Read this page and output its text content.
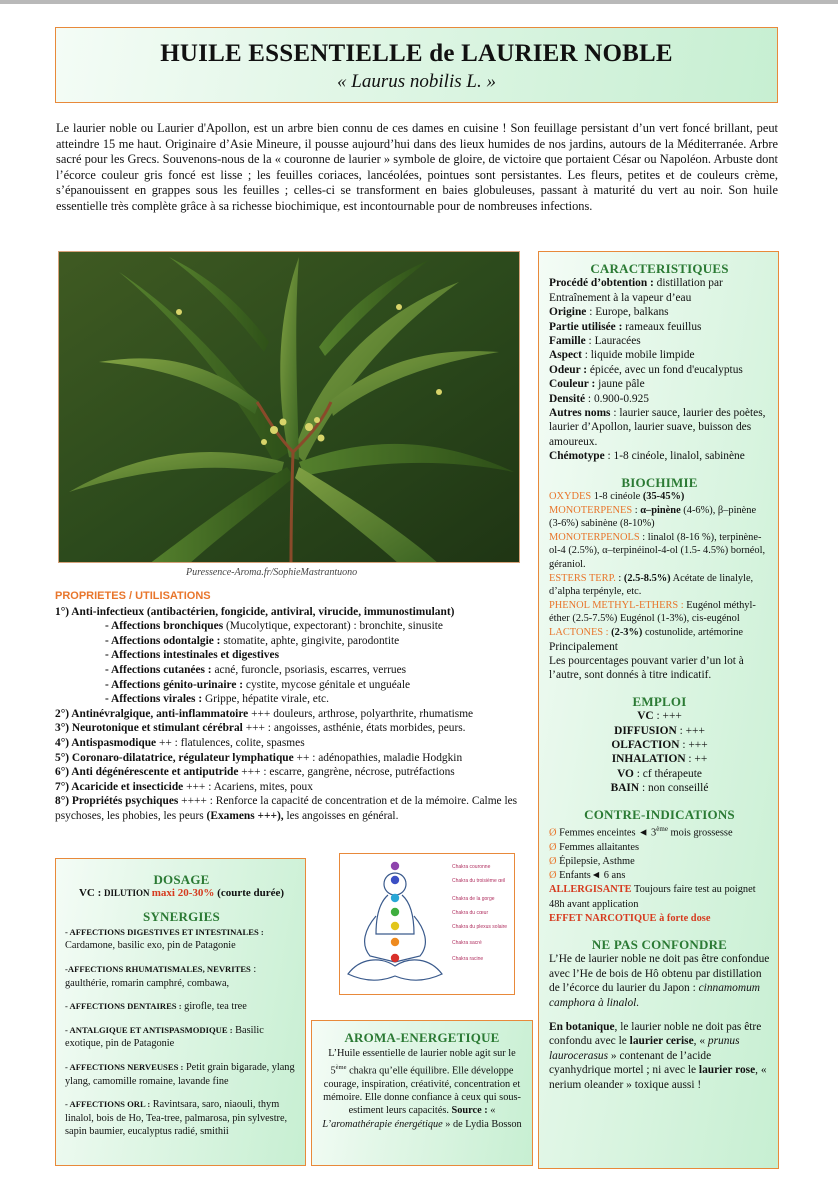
HUILE ESSENTIELLE de LAURIER NOBLE
« Laurus nobilis L. »
Le laurier noble ou Laurier d'Apollon, est un arbre bien connu de ces dames en cuisine ! Son feuillage persistant d’un vert foncé brillant, peut atteindre 15 me haut. Originaire d’Asie Mineure, il pousse aujourd’hui dans des lieux humides de nos jardins, autours de la Méditerranée. Arbre sacré pour les Grecs. Souvenons-nous de la « couronne de laurier » symbole de gloire, de victoire que portaient César ou Napoléon. Arbuste dont l’écorce couleur gris foncé est lisse ; les feuilles coriaces, lancéolées, pointues sont persistantes. Les fleurs, petites et de couleurs crème, s’épanouissent en grappes sous les feuilles ; celles-ci se transforment en baies globuleuses, passant à maturité du vert au noir. Son huile essentielle très complète grâce à sa richesse biochimique, est incontournable pour de nombreuses infections.
Puressence-Aroma.fr/SophieMastrantuono
PROPRIETES / UTILISATIONS
1°) Anti-infectieux (antibactérien, fongicide, antiviral, virucide, immunostimulant)
- Affections bronchiques (Mucolytique, expectorant) : bronchite, sinusite
- Affections odontalgie : stomatite, aphte, gingivite, parodontite
- Affections intestinales et digestives
- Affections cutanées : acné, furoncle, psoriasis, escarres, verrues
- Affections génito-urinaire : cystite, mycose génitale et unguéale
- Affections virales : Grippe, hépatite virale, etc.
2°) Antinévralgique, anti-inflammatoire +++ douleurs, arthrose, polyarthrite, rhumatisme
3°) Neurotonique et stimulant cérébral +++ : angoisses, asthénie, états morbides, peurs.
4°) Antispasmodique ++ : flatulences, colite, spasmes
5°) Coronaro-dilatatrice, régulateur lymphatique ++ : adénopathies, maladie Hodgkin
6°) Anti dégénérescente et antiputride +++ : escarre, gangrène, nécrose, putréfactions
7°) Acaricide et insecticide +++ : Acariens, mites, poux
8°) Propriétés psychiques ++++ : Renforce la capacité de concentration et de la mémoire. Calme les psychoses, les phobies, les peurs (Examens +++), les angoisses en général.
CARACTERISTIQUES
Procédé d’obtention : distillation par Entraînement à la vapeur d’eau
Origine : Europe, balkans
Partie utilisée : rameaux feuillus
Famille : Lauracées
Aspect : liquide mobile limpide
Odeur : épicée, avec un fond d'eucalyptus
Couleur : jaune pâle
Densité : 0.900-0.925
Autres noms : laurier sauce, laurier des poètes, laurier d’Apollon, laurier suave, buisson des amoureux.
Chémotype : 1-8 cinéole, linalol, sabinène
BIOCHIMIE
OXYDES 1-8 cinéole (35-45%)
MONOTERPENES : α–pinène (4-6%), β–pinène (3-6%) sabinène (8-10%)
MONOTERPENOLS : linalol (8-16 %), terpinène-ol-4 (2.5%), α–terpinéinol-4-ol (1.5- 4.5%) bornéol, géraniol.
ESTERS TERP. : (2.5-8.5%) Acétate de linalyle, d’alpha terpényle, etc.
PHENOL METHYL-ETHERS : Eugénol méthyl-éther (2.5-7.5%) Eugénol (1-3%), cis-eugénol
LACTONES : (2-3%) costunolide, artémorine
Principalement
Les pourcentages pouvant varier d’un lot à l’autre, sont donnés à titre indicatif.
EMPLOI
VC : +++
DIFFUSION : +++
OLFACTION : +++
INHALATION : ++
VO : cf thérapeute
BAIN : non conseillé
CONTRE-INDICATIONS
Ø Femmes enceintes ◄ 3ème mois grossesse
Ø Femmes allaitantes
Ø Épilepsie, Asthme
Ø Enfants◄ 6 ans
ALLERGISANTE Toujours faire test au poignet 48h avant application
EFFET NARCOTIQUE à forte dose
NE PAS CONFONDRE
L’He de laurier noble ne doit pas être confondue avec l’He de bois de Hô obtenu par distillation de l’écorce du laurier du Japon : cinnamomum camphora à linalol.
En botanique, le laurier noble ne doit pas être confondu avec le laurier cerise, « prunus laurocerasus » contenant de l’acide cyanhydrique mortel ; ni avec le laurier rose, « nerium oleander » toxique aussi !
DOSAGE
VC : DILUTION maxi 20-30% (courte durée)
SYNERGIES
- AFFECTIONS DIGESTIVES ET INTESTINALES : Cardamone, basilic exo, pin de Patagonie
-AFFECTIONS RHUMATISMALES, NEVRITES : gaulthérie, romarin camphré, combawa,
- AFFECTIONS DENTAIRES : girofle, tea tree
- ANTALGIQUE ET ANTISPASMODIQUE : Basilic exotique, pin de Patagonie
- AFFECTIONS NERVEUSES : Petit grain bigarade, ylang ylang, camomille romaine, lavande fine
- AFFECTIONS ORL : Ravintsara, saro, niaouli, thym linalol, bois de Ho, Tea-tree, palmarosa, pin sylvestre, sapin baumier, eucalyptus radié, smithii
Chakra couronne
Chakra du troisième œil
Chakra de la gorge
Chakra du cœur
Chakra du plexus solaire
Chakra sacré
Chakra racine
AROMA-ENERGETIQUE
L’Huile essentielle de laurier noble agit sur le 5ème chakra qu’elle équilibre. Elle développe courage, inspiration, créativité, concentration et mémoire. Elle donne confiance à ceux qui sous-estiment leurs capacités. Source : « L’aromathérapie énergétique » de Lydia Bosson
